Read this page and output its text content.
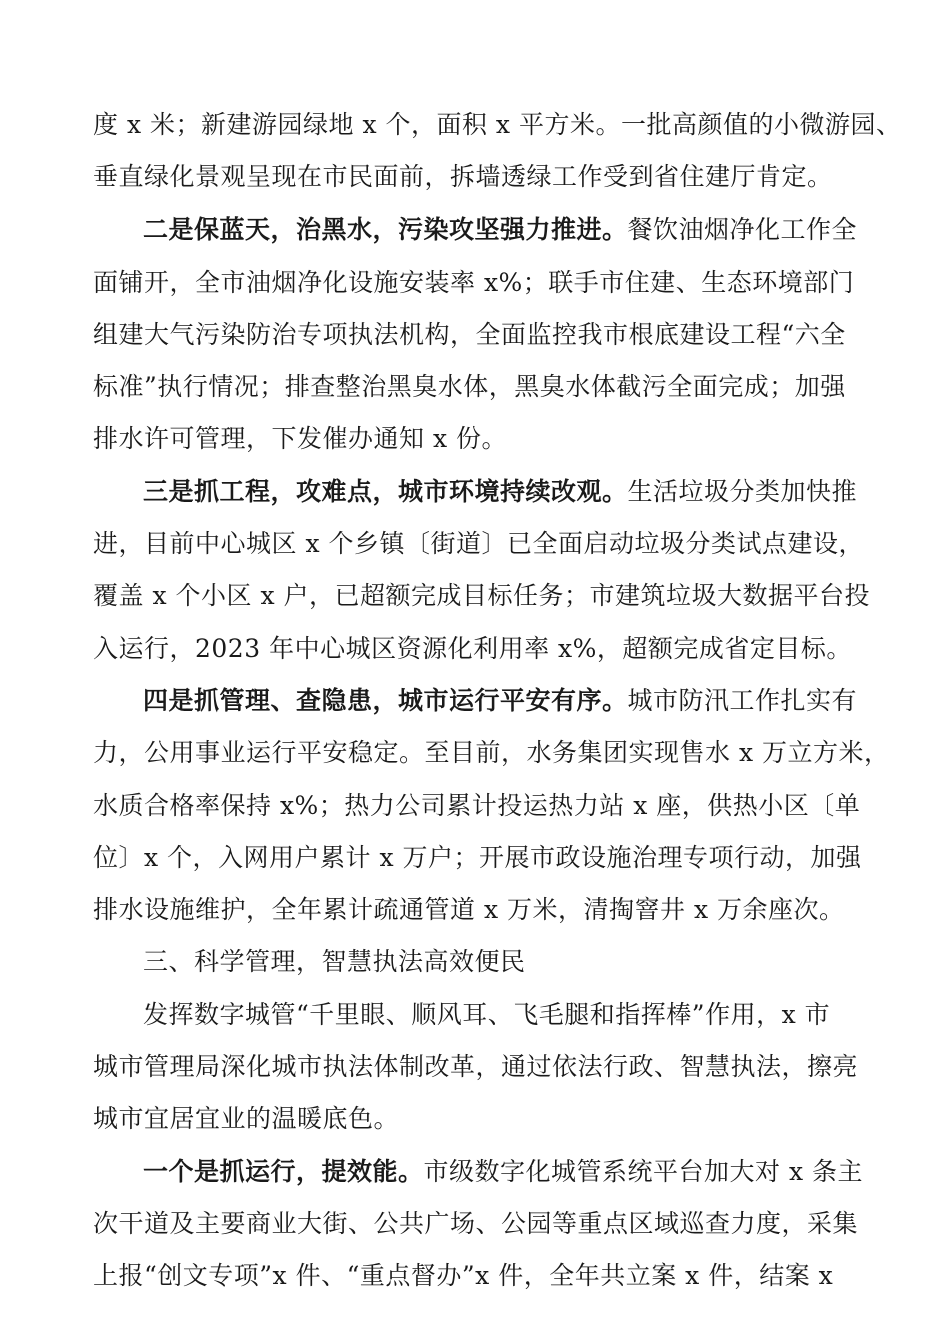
度 x 米；新建游园绿地 x 个，面积 x 平方米。一批高颜值的小微游园、
垂直绿化景观呈现在市民面前，拆墙透绿工作受到省住建厅肯定。
二是保蓝天，治黑水，污染攻坚强力推进。餐饮油烟净化工作全
面铺开，全市油烟净化设施安装率 x%；联手市住建、生态环境部门
组建大气污染防治专项执法机构，全面监控我市根底建设工程“六全
标准”执行情况；排查整治黑臭水体，黑臭水体截污全面完成；加强
排水许可管理，下发催办通知 x 份。
三是抓工程，攻难点，城市环境持续改观。生活垃圾分类加快推
进，目前中心城区 x 个乡镇〔街道〕已全面启动垃圾分类试点建设，
覆盖 x 个小区 x 户，已超额完成目标任务；市建筑垃圾大数据平台投
入运行，2023 年中心城区资源化利用率 x%，超额完成省定目标。
四是抓管理、查隐患，城市运行平安有序。城市防汛工作扎实有
力，公用事业运行平安稳定。至目前，水务集团实现售水 x 万立方米，
水质合格率保持 x%；热力公司累计投运热力站 x 座，供热小区〔单
位〕x 个，入网用户累计 x 万户；开展市政设施治理专项行动，加强
排水设施维护，全年累计疏通管道 x 万米，清掏窨井 x 万余座次。
三、科学管理，智慧执法高效便民
发挥数字城管“千里眼、顺风耳、飞毛腿和指挥棒”作用，x 市
城市管理局深化城市执法体制改革，通过依法行政、智慧执法，擦亮
城市宜居宜业的温暖底色。
一个是抓运行，提效能。市级数字化城管系统平台加大对 x 条主
次干道及主要商业大街、公共广场、公园等重点区域巡查力度，采集
上报“创文专项”x 件、“重点督办”x 件，全年共立案 x 件，结案 x
